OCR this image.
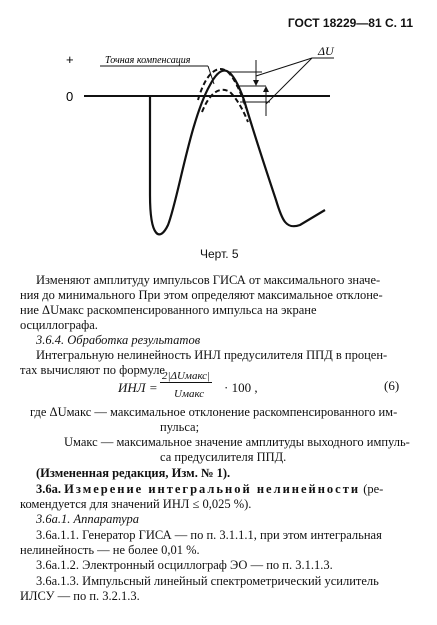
ГОСТ 18229—81 С. 11
+
0
Точная компенсация
ΔU
Черт. 5
Изменяют амплитуду импульсов ГИСА от максимального значе-
ния до минимального При этом определяют максимальное отклоне-
ние ΔUмакс раскомпенсированного импульса на экране
осциллографа.
3.6.4. Обработка результатов
Интегральную нелинейность ИНЛ предусилителя ППД в процен-
тах вычисляют по формуле
ИНЛ =
2|ΔUмакс|
Uмакс · 100 ,	(6)
где ΔUмакс — максимальное отклонение раскомпенсированного им-
пульса;
Uмакс — максимальное значение амплитуды выходного импуль-
са предусилителя ППД.
(Измененная редакция, Изм. № 1).
3.6а. Измерение интегральной нелинейности (ре-
комендуется для значений ИНЛ ≤ 0,025 %).
3.6а.1. Аппаратура
3.6а.1.1. Генератор ГИСА — по п. 3.1.1.1, при этом интегральная
нелинейность — не более 0,01 %.
3.6а.1.2. Электронный осциллограф ЭО — по п. 3.1.1.3.
3.6а.1.3. Импульсный линейный спектрометрический усилитель
ИЛСУ — по п. 3.2.1.3.
